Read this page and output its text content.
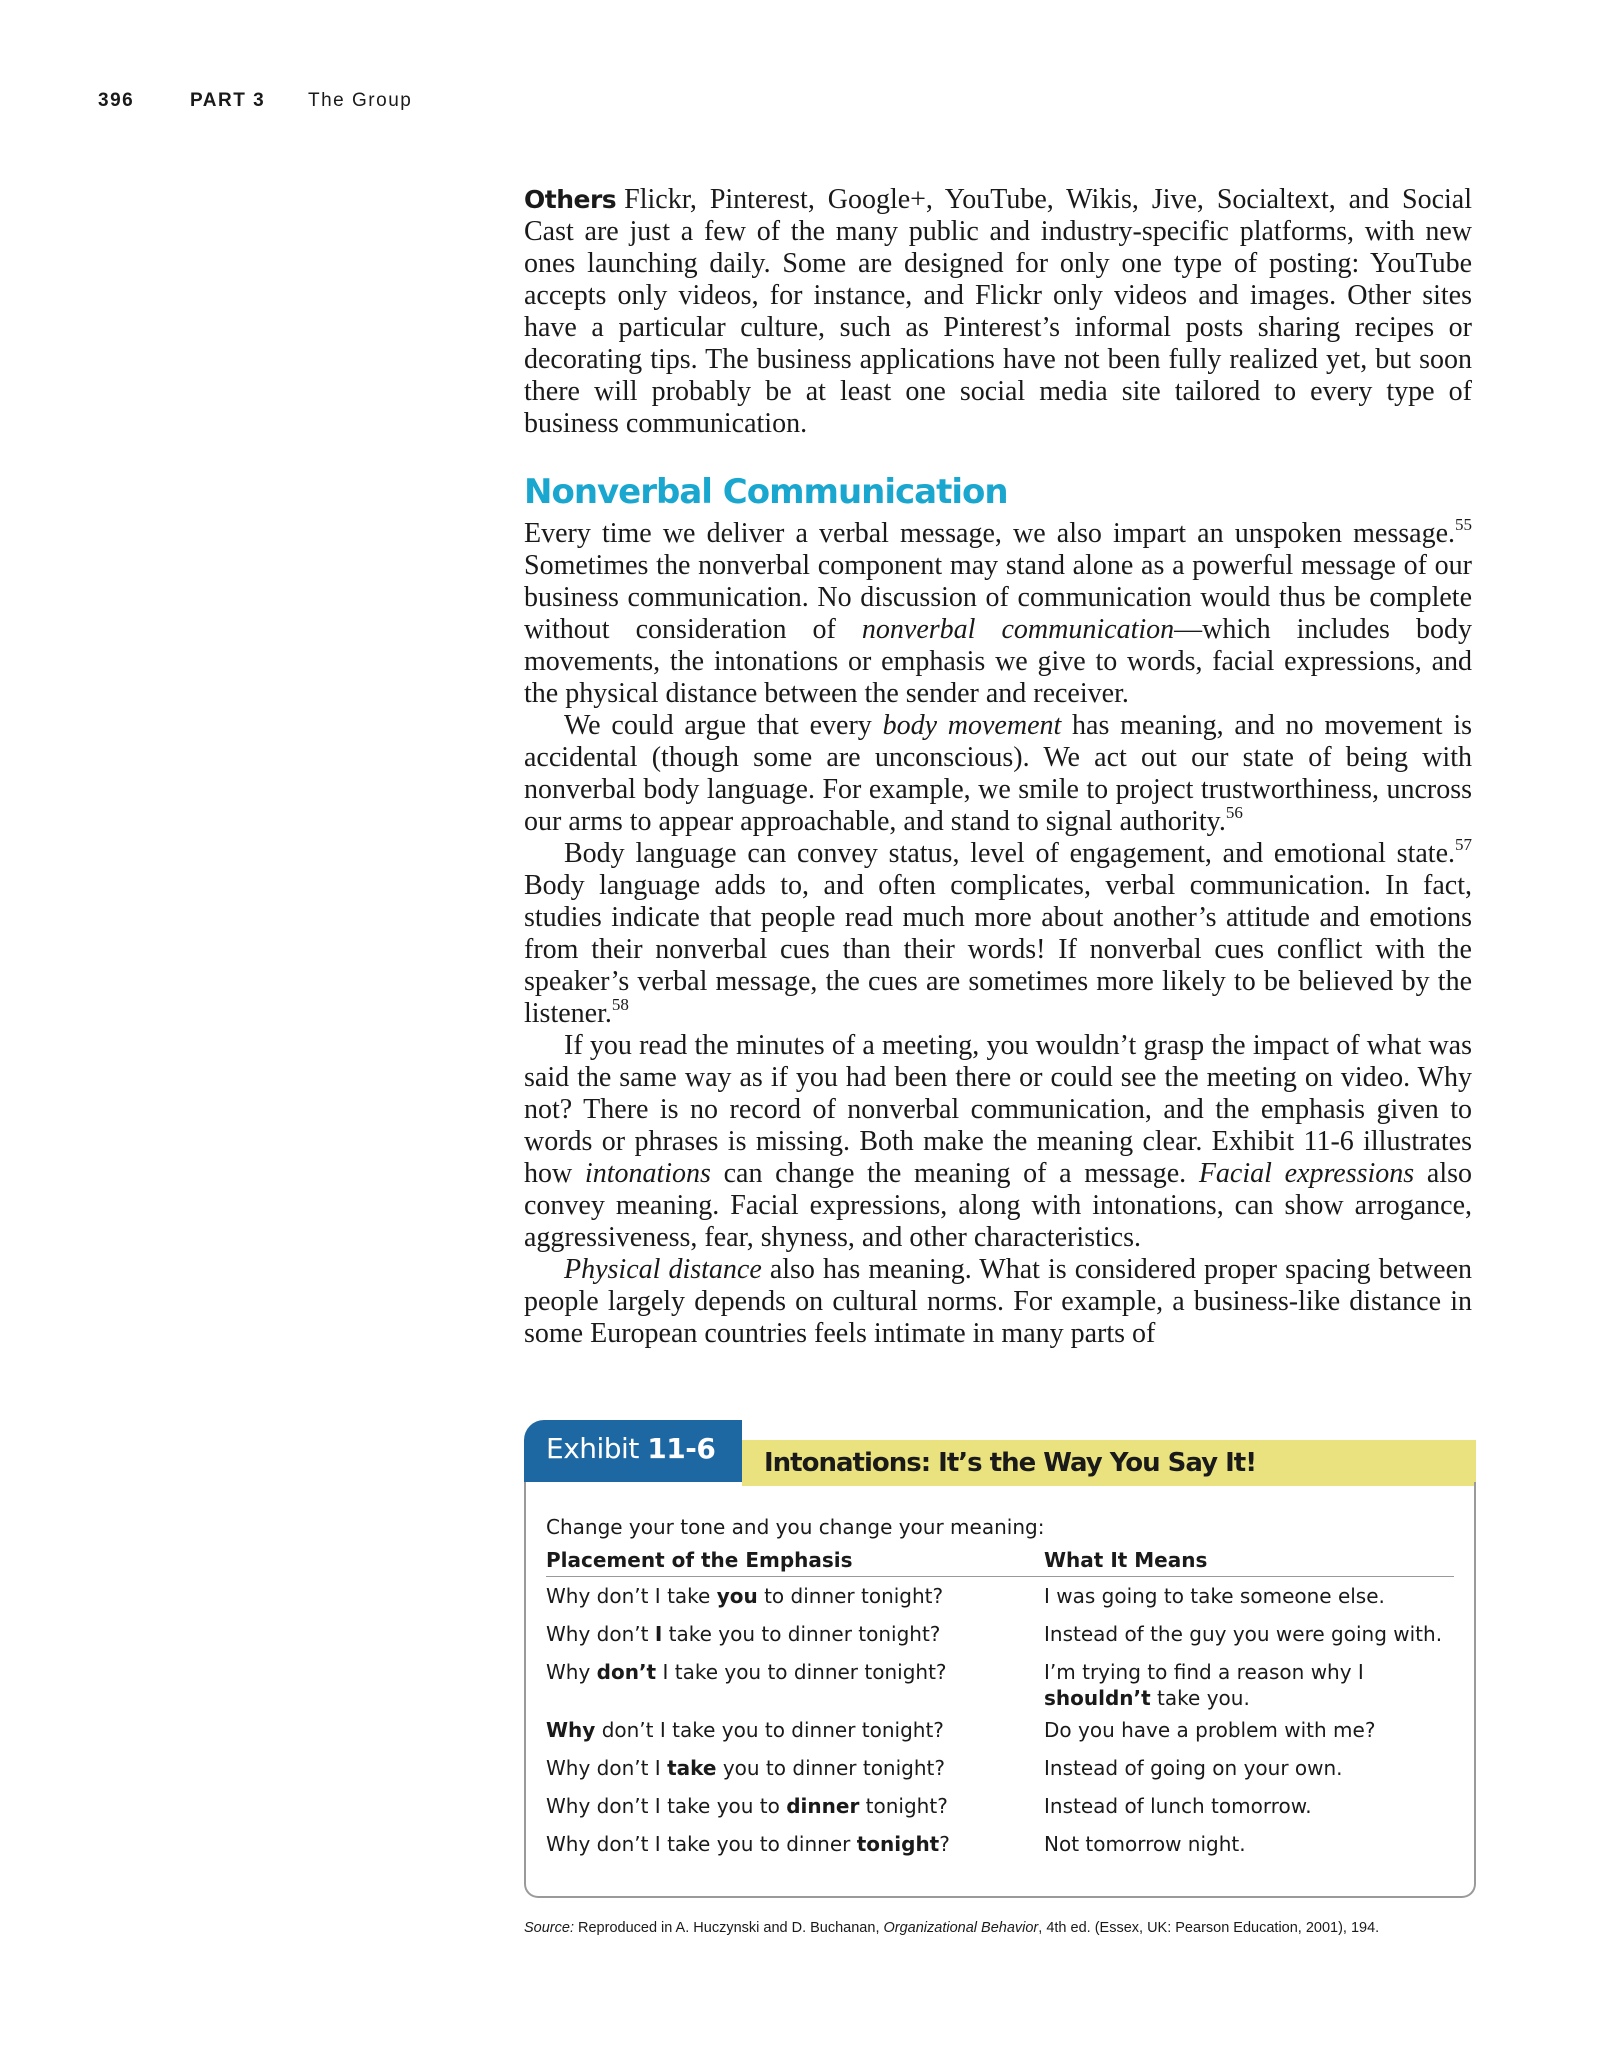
396	PART 3 The Group

Others Flickr, Pinterest, Google+, YouTube, Wikis, Jive, Socialtext, and Social Cast are just a few of the many public and industry-specific platforms, with new ones launching daily. Some are designed for only one type of posting: YouTube accepts only videos, for instance, and Flickr only videos and images. Other sites have a particular culture, such as Pinterest’s informal posts sharing recipes or decorating tips. The business applications have not been fully realized yet, but soon there will probably be at least one social media site tailored to every type of business communication.

Nonverbal Communication

Every time we deliver a verbal message, we also impart an unspoken message.$^{55}$ Sometimes the nonverbal component may stand alone as a powerful message of our business communication. No discussion of communication would thus be complete without consideration of nonverbal communication—which includes body movements, the intonations or emphasis we give to words, facial expressions, and the physical distance between the sender and receiver.

We could argue that every body movement has meaning, and no movement is accidental (though some are unconscious). We act out our state of being with nonverbal body language. For example, we smile to project trustworthiness, uncross our arms to appear approachable, and stand to signal authority.$^{56}$

Body language can convey status, level of engagement, and emotional state.$^{57}$ Body language adds to, and often complicates, verbal communication. In fact, studies indicate that people read much more about another’s attitude and emotions from their nonverbal cues than their words! If nonverbal cues conflict with the speaker’s verbal message, the cues are sometimes more likely to be believed by the listener.$^{58}$

If you read the minutes of a meeting, you wouldn’t grasp the impact of what was said the same way as if you had been there or could see the meeting on video. Why not? There is no record of nonverbal communication, and the emphasis given to words or phrases is missing. Both make the meaning clear. Exhibit 11-6 illustrates how intonations can change the meaning of a message. Facial expressions also convey meaning. Facial expressions, along with intonations, can show arrogance, aggressiveness, fear, shyness, and other characteristics.

Physical distance also has meaning. What is considered proper spacing between people largely depends on cultural norms. For example, a business-like distance in some European countries feels intimate in many parts of

Intonations: It’s the Way You Say It!
Exhibit 11-6
Change your tone and you change your meaning:
Placement of the Emphasis	What It Means
Why don’t I take you to dinner tonight?	I was going to take someone else.
Why don’t I take you to dinner tonight?	Instead of the guy you were going with.
Why don’t I take you to dinner tonight?	I’m trying to find a reason why I shouldn’t take you.
Why don’t I take you to dinner tonight?	Do you have a problem with me?
Why don’t I take you to dinner tonight?	Instead of going on your own.
Why don’t I take you to dinner tonight?	Instead of lunch tomorrow.
Why don’t I take you to dinner tonight?	Not tomorrow night.
Source: Reproduced in A. Huczynski and D. Buchanan, Organizational Behavior, 4th ed. (Essex, UK: Pearson Education, 2001), 194.
